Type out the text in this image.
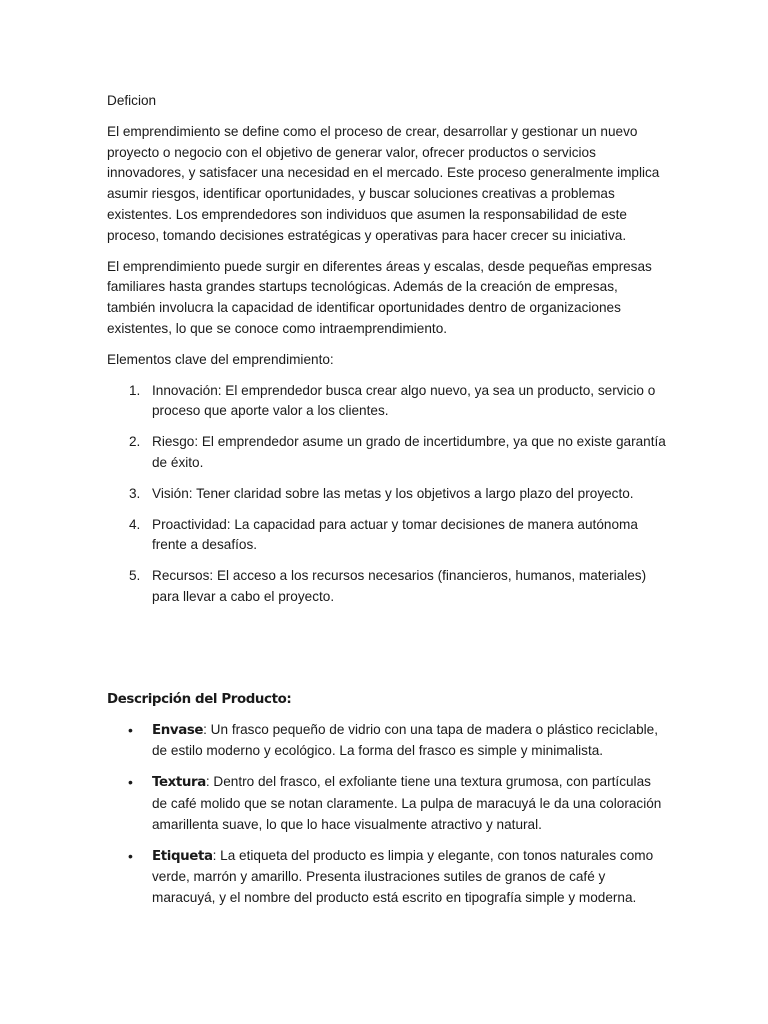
Deficion

El emprendimiento se define como el proceso de crear, desarrollar y gestionar un nuevo proyecto o negocio con el objetivo de generar valor, ofrecer productos o servicios innovadores, y satisfacer una necesidad en el mercado. Este proceso generalmente implica asumir riesgos, identificar oportunidades, y buscar soluciones creativas a problemas existentes. Los emprendedores son individuos que asumen la responsabilidad de este proceso, tomando decisiones estratégicas y operativas para hacer crecer su iniciativa.

El emprendimiento puede surgir en diferentes áreas y escalas, desde pequeñas empresas familiares hasta grandes startups tecnológicas. Además de la creación de empresas, también involucra la capacidad de identificar oportunidades dentro de organizaciones existentes, lo que se conoce como intraemprendimiento.

Elementos clave del emprendimiento:

1. Innovación: El emprendedor busca crear algo nuevo, ya sea un producto, servicio o proceso que aporte valor a los clientes.
2. Riesgo: El emprendedor asume un grado de incertidumbre, ya que no existe garantía de éxito.
3. Visión: Tener claridad sobre las metas y los objetivos a largo plazo del proyecto.
4. Proactividad: La capacidad para actuar y tomar decisiones de manera autónoma frente a desafíos.
5. Recursos: El acceso a los recursos necesarios (financieros, humanos, materiales) para llevar a cabo el proyecto.

Descripción del Producto:

• Envase: Un frasco pequeño de vidrio con una tapa de madera o plástico reciclable, de estilo moderno y ecológico. La forma del frasco es simple y minimalista.
• Textura: Dentro del frasco, el exfoliante tiene una textura grumosa, con partículas de café molido que se notan claramente. La pulpa de maracuyá le da una coloración amarillenta suave, lo que lo hace visualmente atractivo y natural.
• Etiqueta: La etiqueta del producto es limpia y elegante, con tonos naturales como verde, marrón y amarillo. Presenta ilustraciones sutiles de granos de café y maracuyá, y el nombre del producto está escrito en tipografía simple y moderna.
